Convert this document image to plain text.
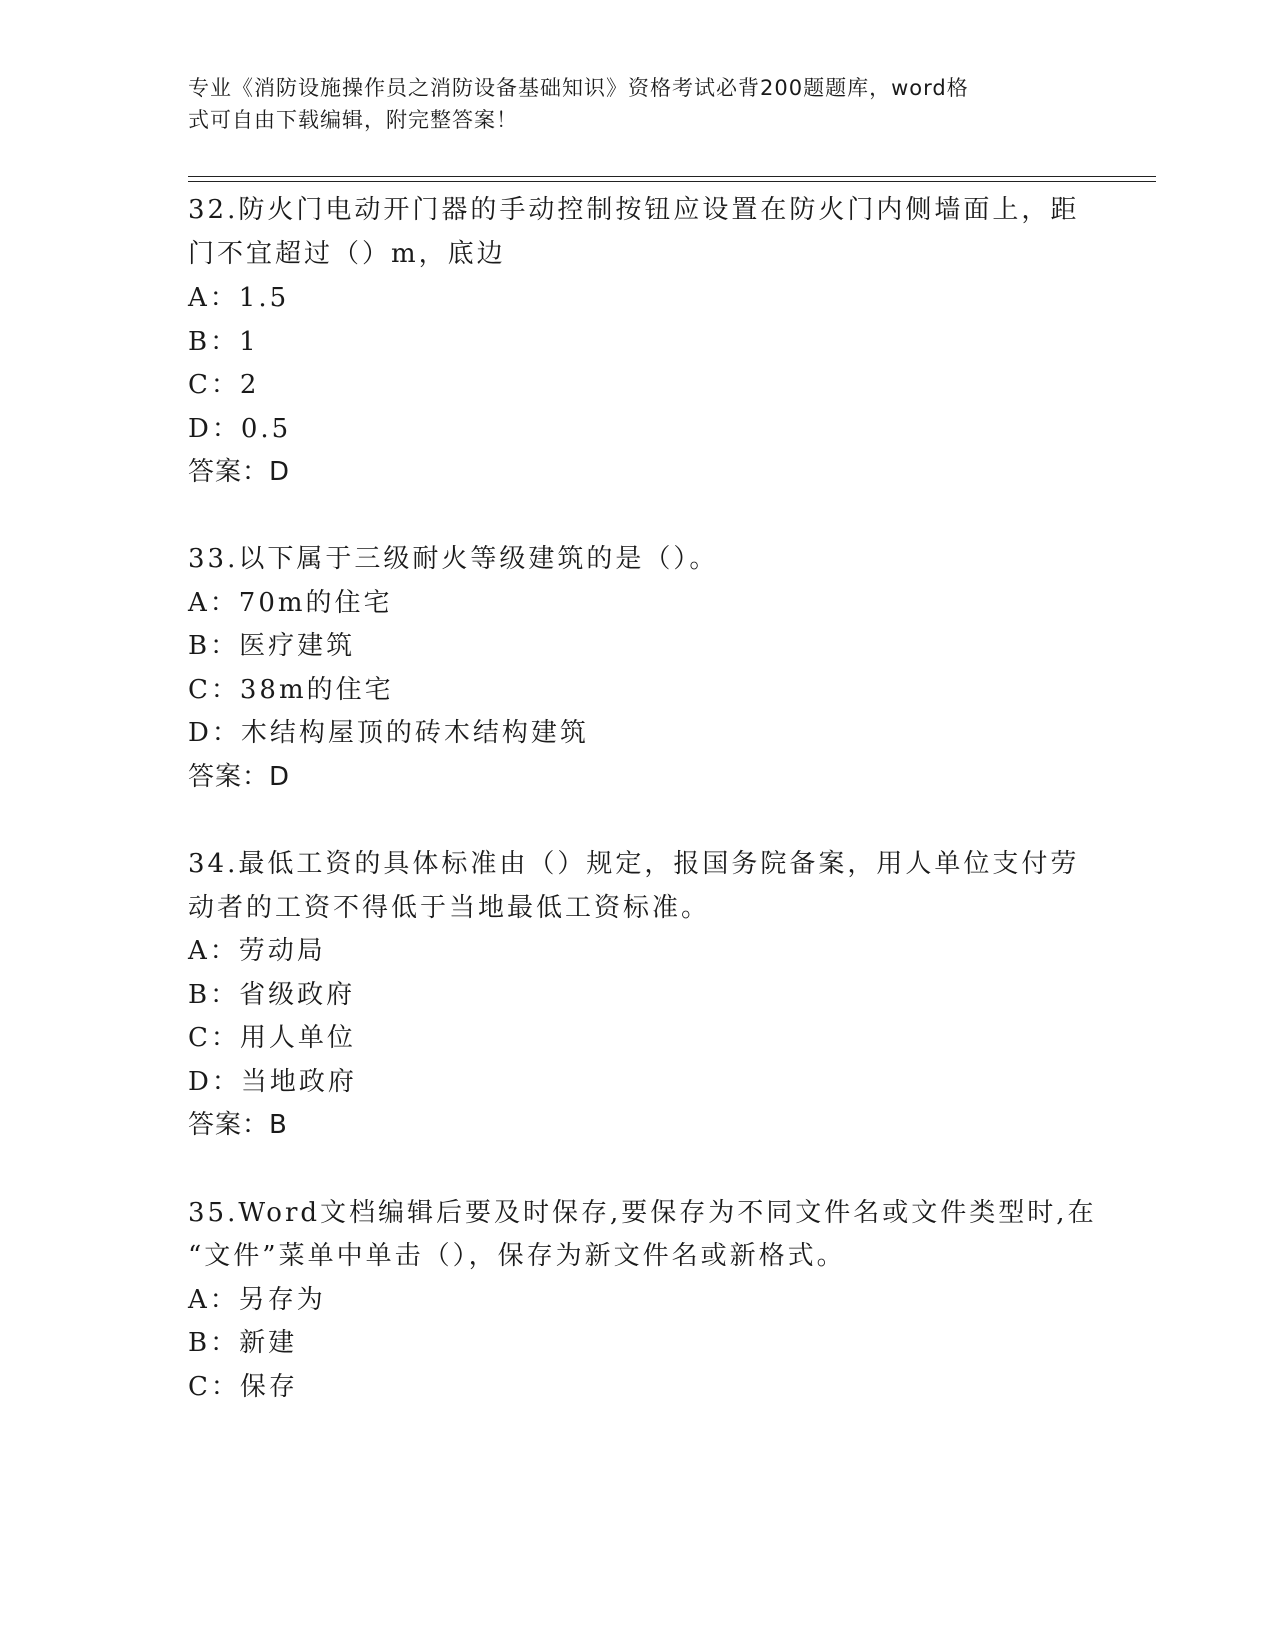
专业《消防设施操作员之消防设备基础知识》资格考试必背200题题库，word格
式可自由下载编辑，附完整答案！
32.防火门电动开门器的手动控制按钮应设置在防火门内侧墙面上，距
门不宜超过（）m，底边
A：1.5
B：1
C：2
D：0.5
答案：D
33.以下属于三级耐火等级建筑的是（）。
A：70m的住宅
B：医疗建筑
C：38m的住宅
D：木结构屋顶的砖木结构建筑
答案：D
34.最低工资的具体标准由（）规定，报国务院备案，用人单位支付劳
动者的工资不得低于当地最低工资标准。
A：劳动局
B：省级政府
C：用人单位
D：当地政府
答案：B
35.Word文档编辑后要及时保存,要保存为不同文件名或文件类型时,在
“文件”菜单中单击（），保存为新文件名或新格式。
A：另存为
B：新建
C：保存
